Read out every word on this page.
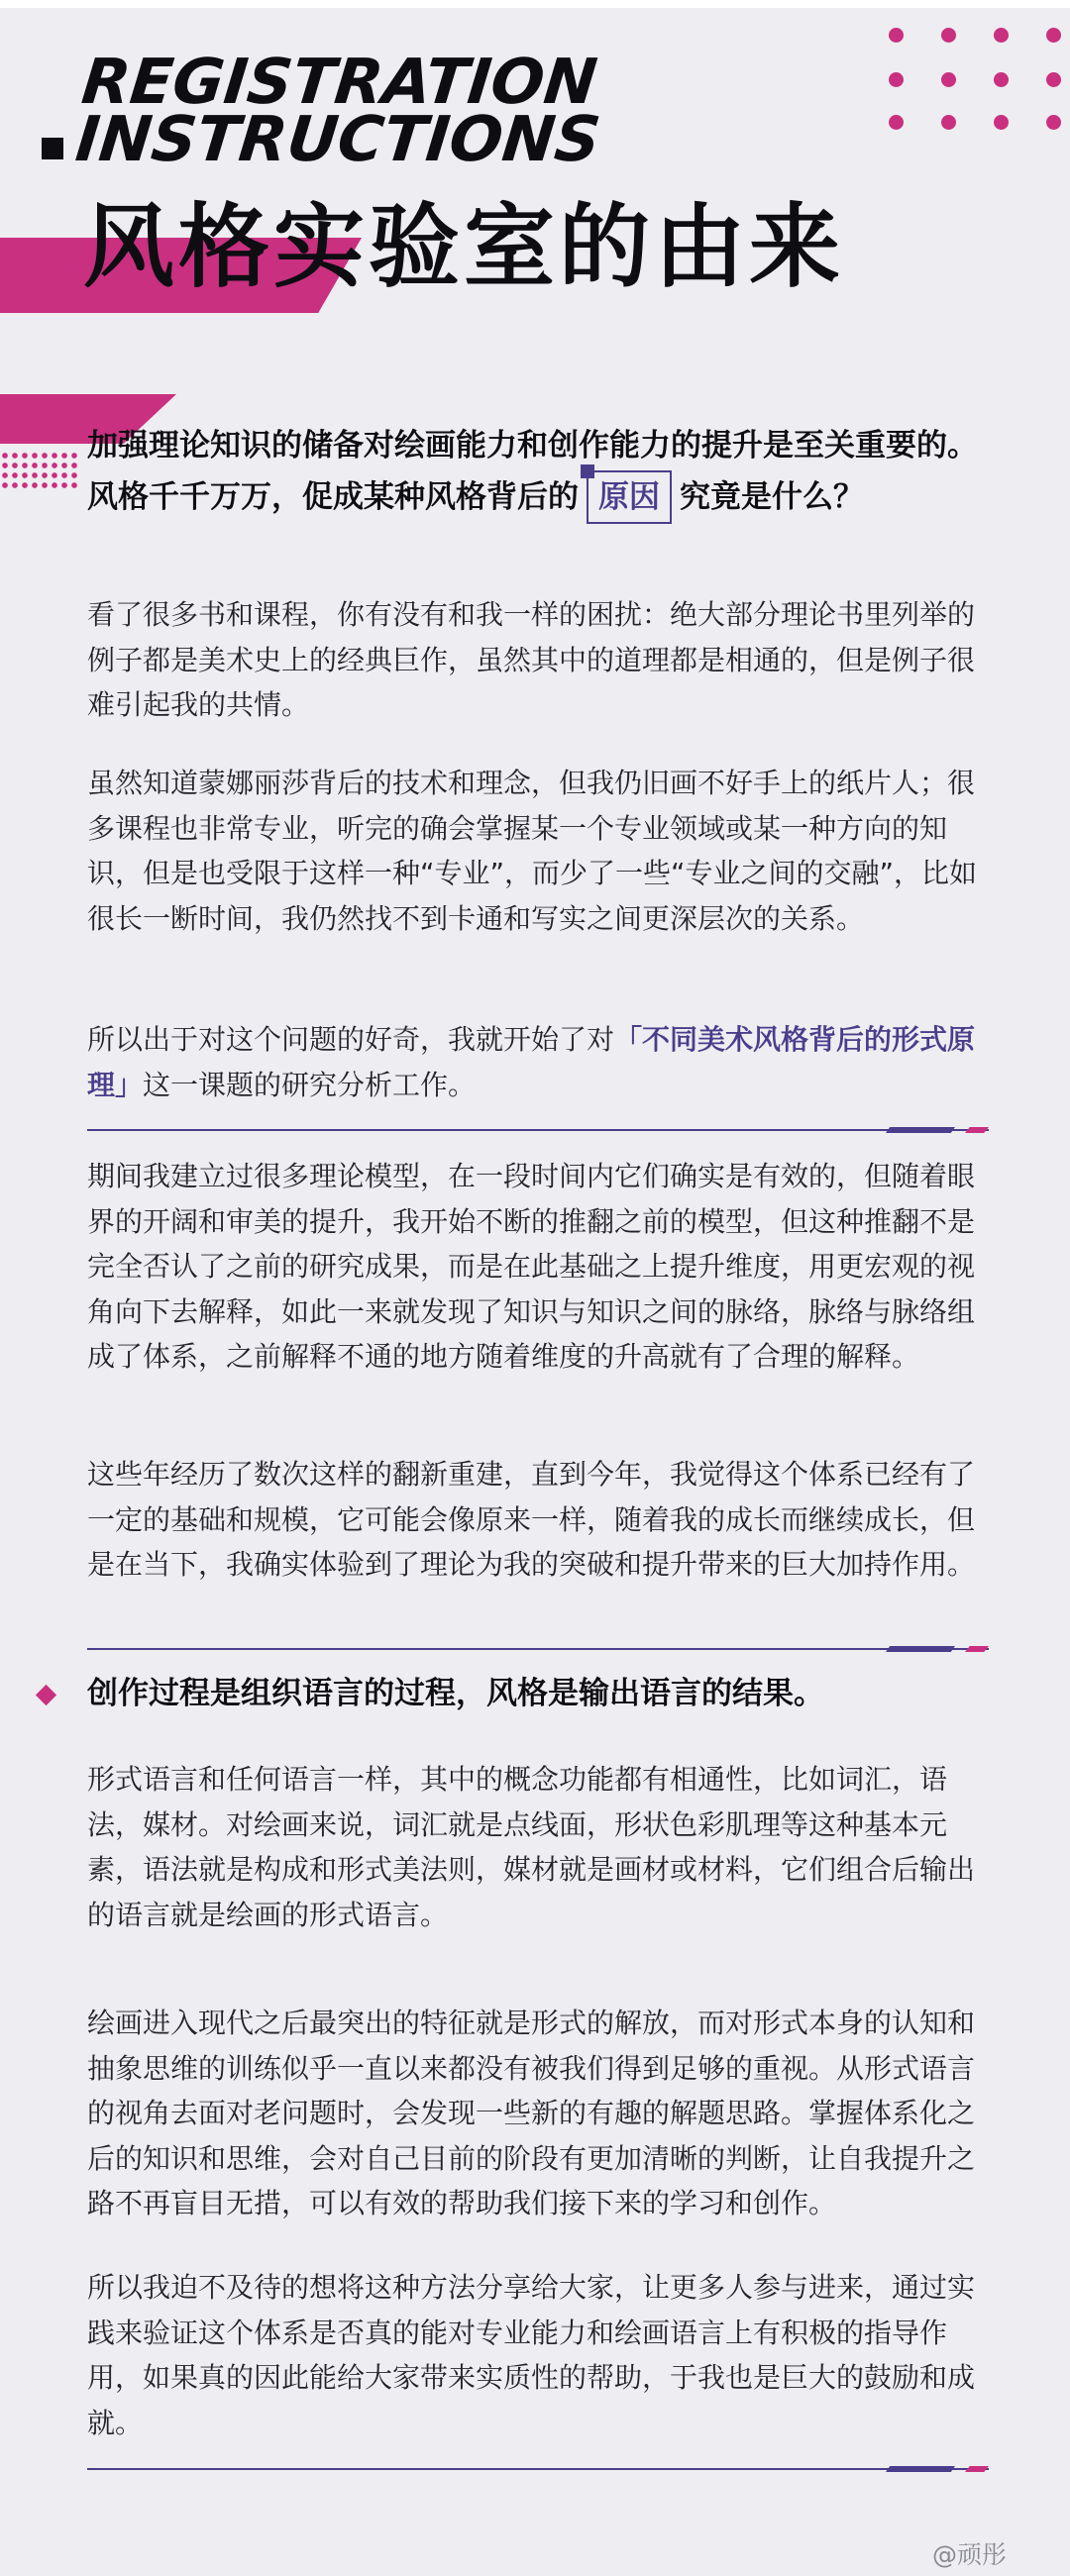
REGISTRATION
INSTRUCTIONS
风格实验室的由来

加强理论知识的储备对绘画能力和创作能力的提升是至关重要的。

风格千千万万，促成某种风格背后的 原因 究竟是什么？

看了很多书和课程，你有没有和我一样的困扰：绝大部分理论书里列举的例子都是美术史上的经典巨作，虽然其中的道理都是相通的，但是例子很难引起我的共情。

虽然知道蒙娜丽莎背后的技术和理念，但我仍旧画不好手上的纸片人；很多课程也非常专业，听完的确会掌握某一个专业领域或某一种方向的知识，但是也受限于这样一种“专业”，而少了一些“专业之间的交融”，比如很长一断时间，我仍然找不到卡通和写实之间更深层次的关系。

所以出于对这个问题的好奇，我就开始了对「不同美术风格背后的形式原理」这一课题的研究分析工作。

期间我建立过很多理论模型，在一段时间内它们确实是有效的，但随着眼界的开阔和审美的提升，我开始不断的推翻之前的模型，但这种推翻不是完全否认了之前的研究成果，而是在此基础之上提升维度，用更宏观的视角向下去解释，如此一来就发现了知识与知识之间的脉络，脉络与脉络组成了体系，之前解释不通的地方随着维度的升高就有了合理的解释。

这些年经历了数次这样的翻新重建，直到今年，我觉得这个体系已经有了一定的基础和规模，它可能会像原来一样，随着我的成长而继续成长，但是在当下，我确实体验到了理论为我的突破和提升带来的巨大加持作用。

创作过程是组织语言的过程，风格是输出语言的结果。

形式语言和任何语言一样，其中的概念功能都有相通性，比如词汇，语法，媒材。对绘画来说，词汇就是点线面，形状色彩肌理等这种基本元素，语法就是构成和形式美法则，媒材就是画材或材料，它们组合后输出的语言就是绘画的形式语言。

绘画进入现代之后最突出的特征就是形式的解放，而对形式本身的认知和抽象思维的训练似乎一直以来都没有被我们得到足够的重视。从形式语言的视角去面对老问题时，会发现一些新的有趣的解题思路。掌握体系化之后的知识和思维，会对自己目前的阶段有更加清晰的判断，让自我提升之路不再盲目无措，可以有效的帮助我们接下来的学习和创作。

所以我迫不及待的想将这种方法分享给大家，让更多人参与进来，通过实践来验证这个体系是否真的能对专业能力和绘画语言上有积极的指导作用，如果真的因此能给大家带来实质性的帮助，于我也是巨大的鼓励和成就。

@顽彤
